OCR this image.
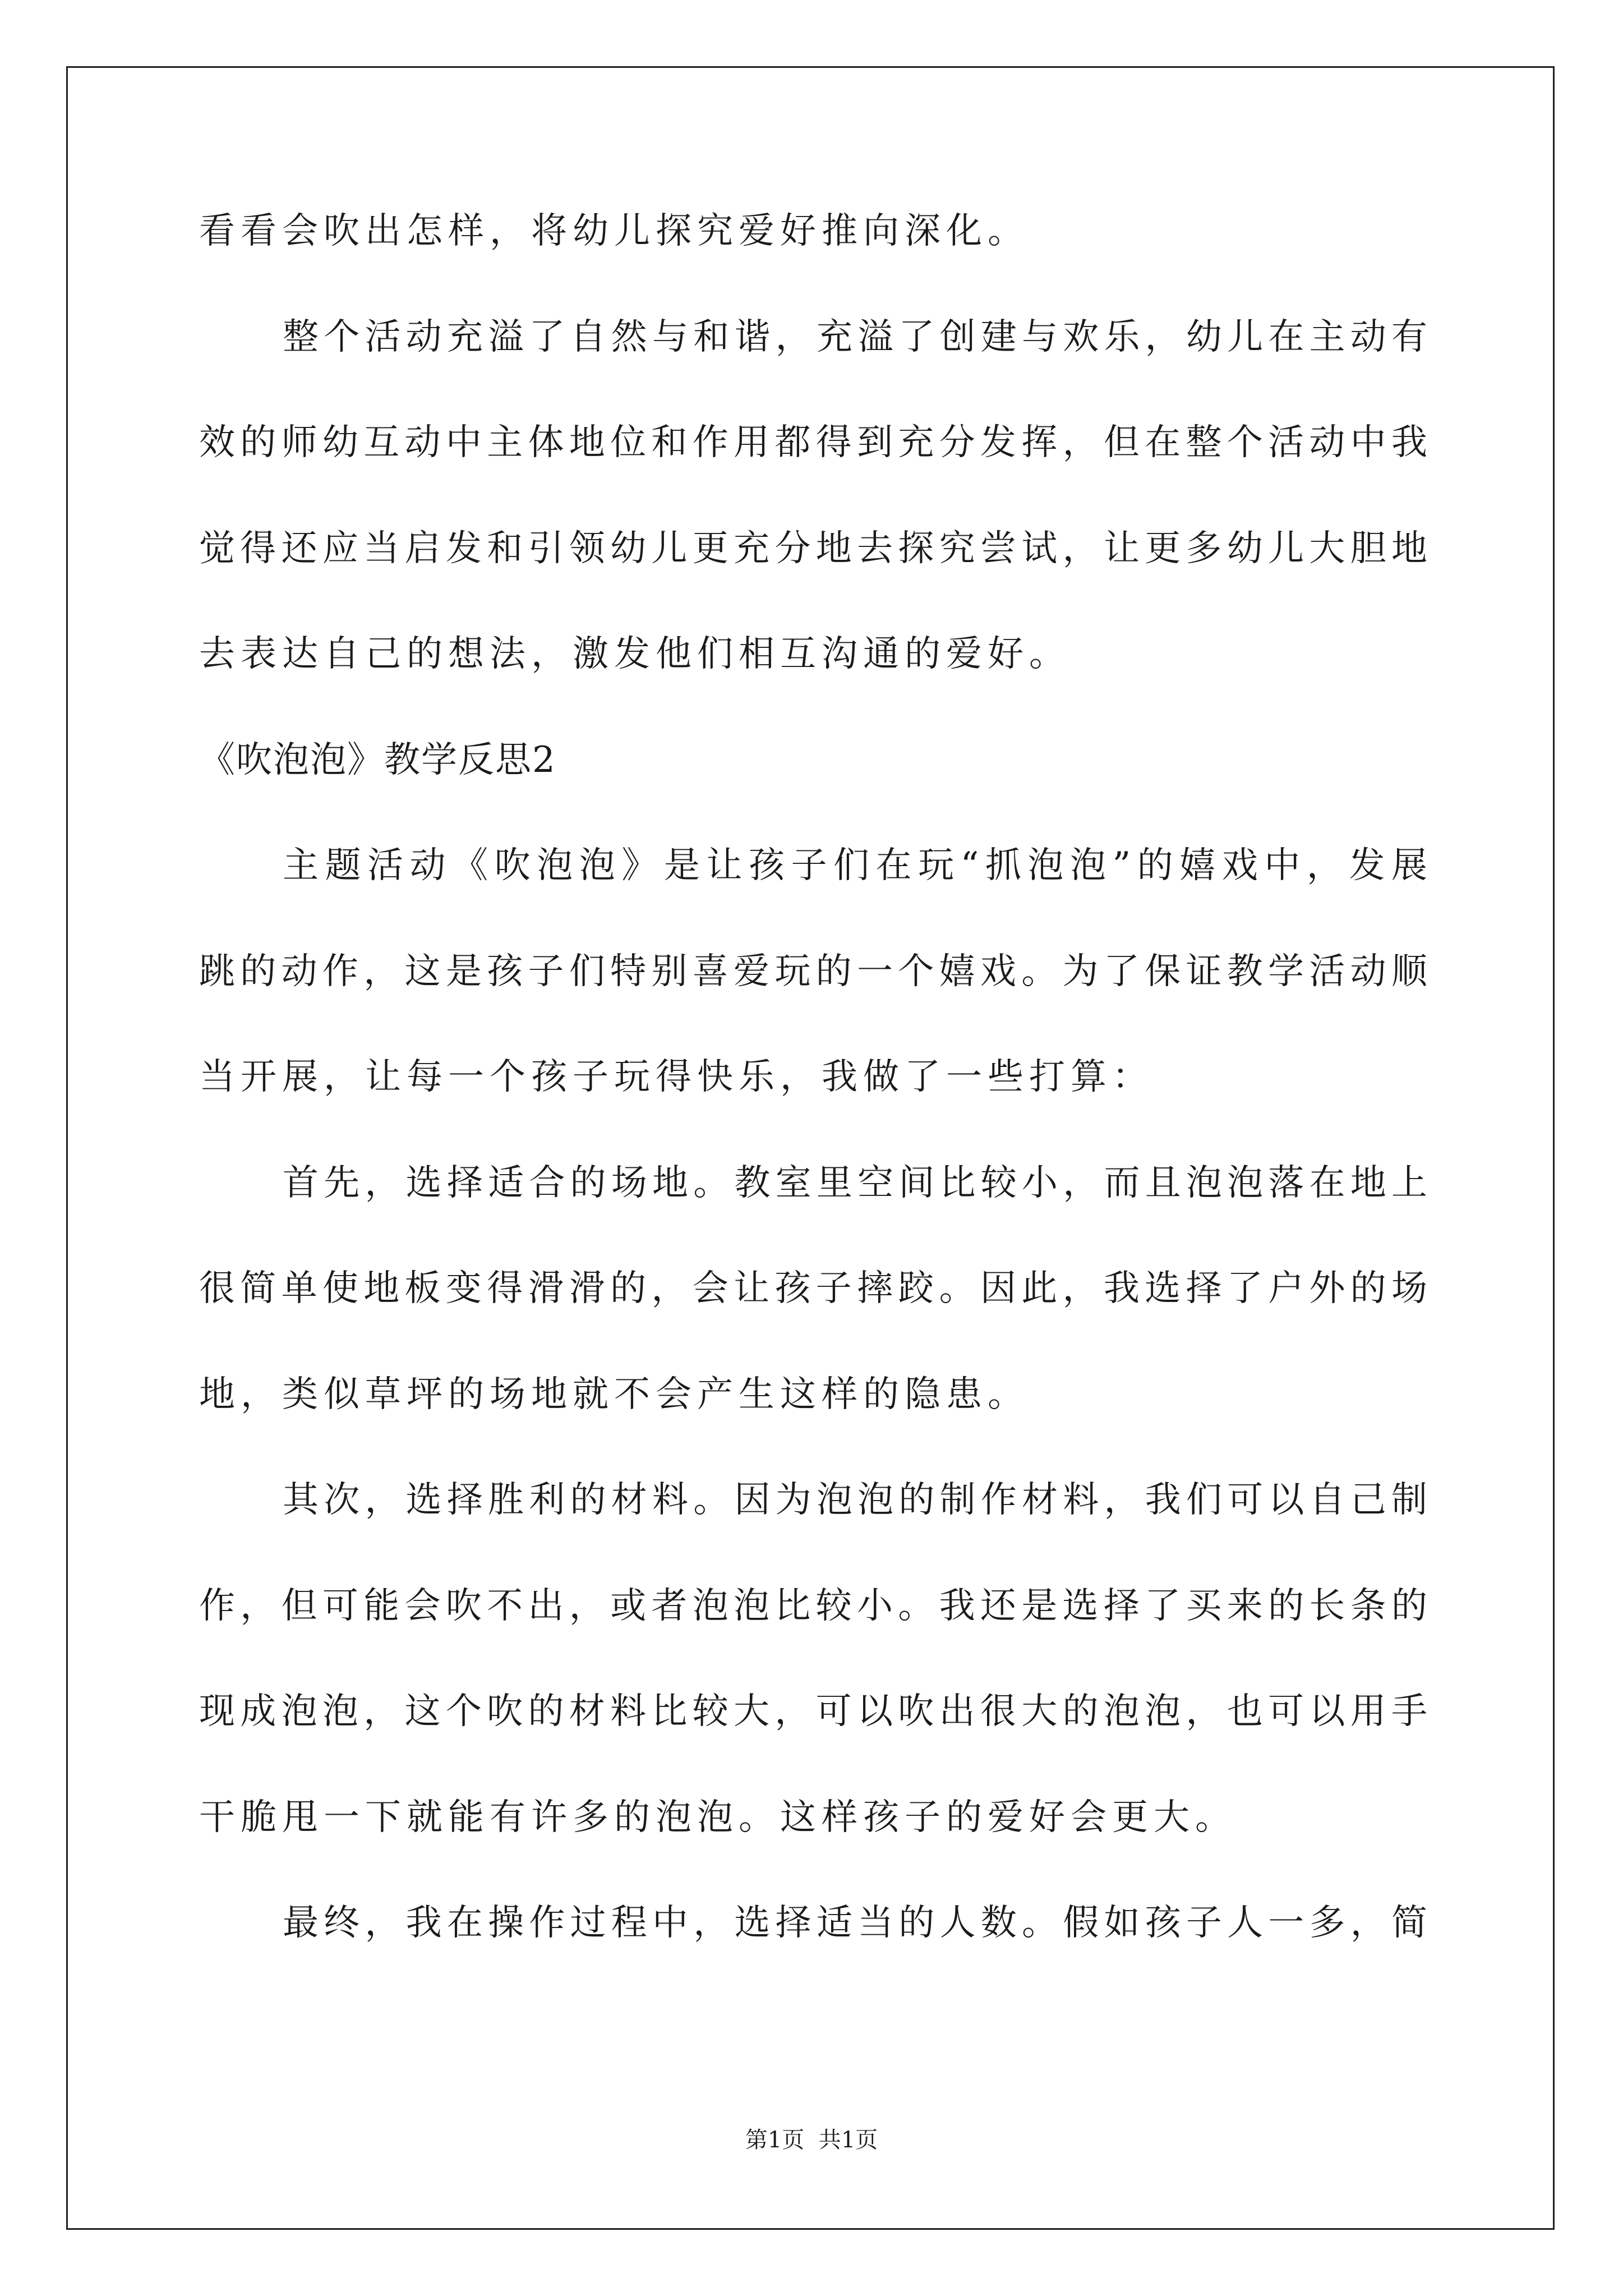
看看会吹出怎样，将幼儿探究爱好推向深化。
整个活动充溢了自然与和谐，充溢了创建与欢乐，幼儿在主动有
效的师幼互动中主体地位和作用都得到充分发挥，但在整个活动中我
觉得还应当启发和引领幼儿更充分地去探究尝试，让更多幼儿大胆地
去表达自己的想法，激发他们相互沟通的爱好。
《吹泡泡》教学反思2
主题活动《吹泡泡》是让孩子们在玩“抓泡泡”的嬉戏中，发展
跳的动作，这是孩子们特别喜爱玩的一个嬉戏。为了保证教学活动顺
当开展，让每一个孩子玩得快乐，我做了一些打算：
首先，选择适合的场地。教室里空间比较小，而且泡泡落在地上
很简单使地板变得滑滑的，会让孩子摔跤。因此，我选择了户外的场
地，类似草坪的场地就不会产生这样的隐患。
其次，选择胜利的材料。因为泡泡的制作材料，我们可以自己制
作，但可能会吹不出，或者泡泡比较小。我还是选择了买来的长条的
现成泡泡，这个吹的材料比较大，可以吹出很大的泡泡，也可以用手
干脆甩一下就能有许多的泡泡。这样孩子的爱好会更大。
最终，我在操作过程中，选择适当的人数。假如孩子人一多，简
第1页  共1页
